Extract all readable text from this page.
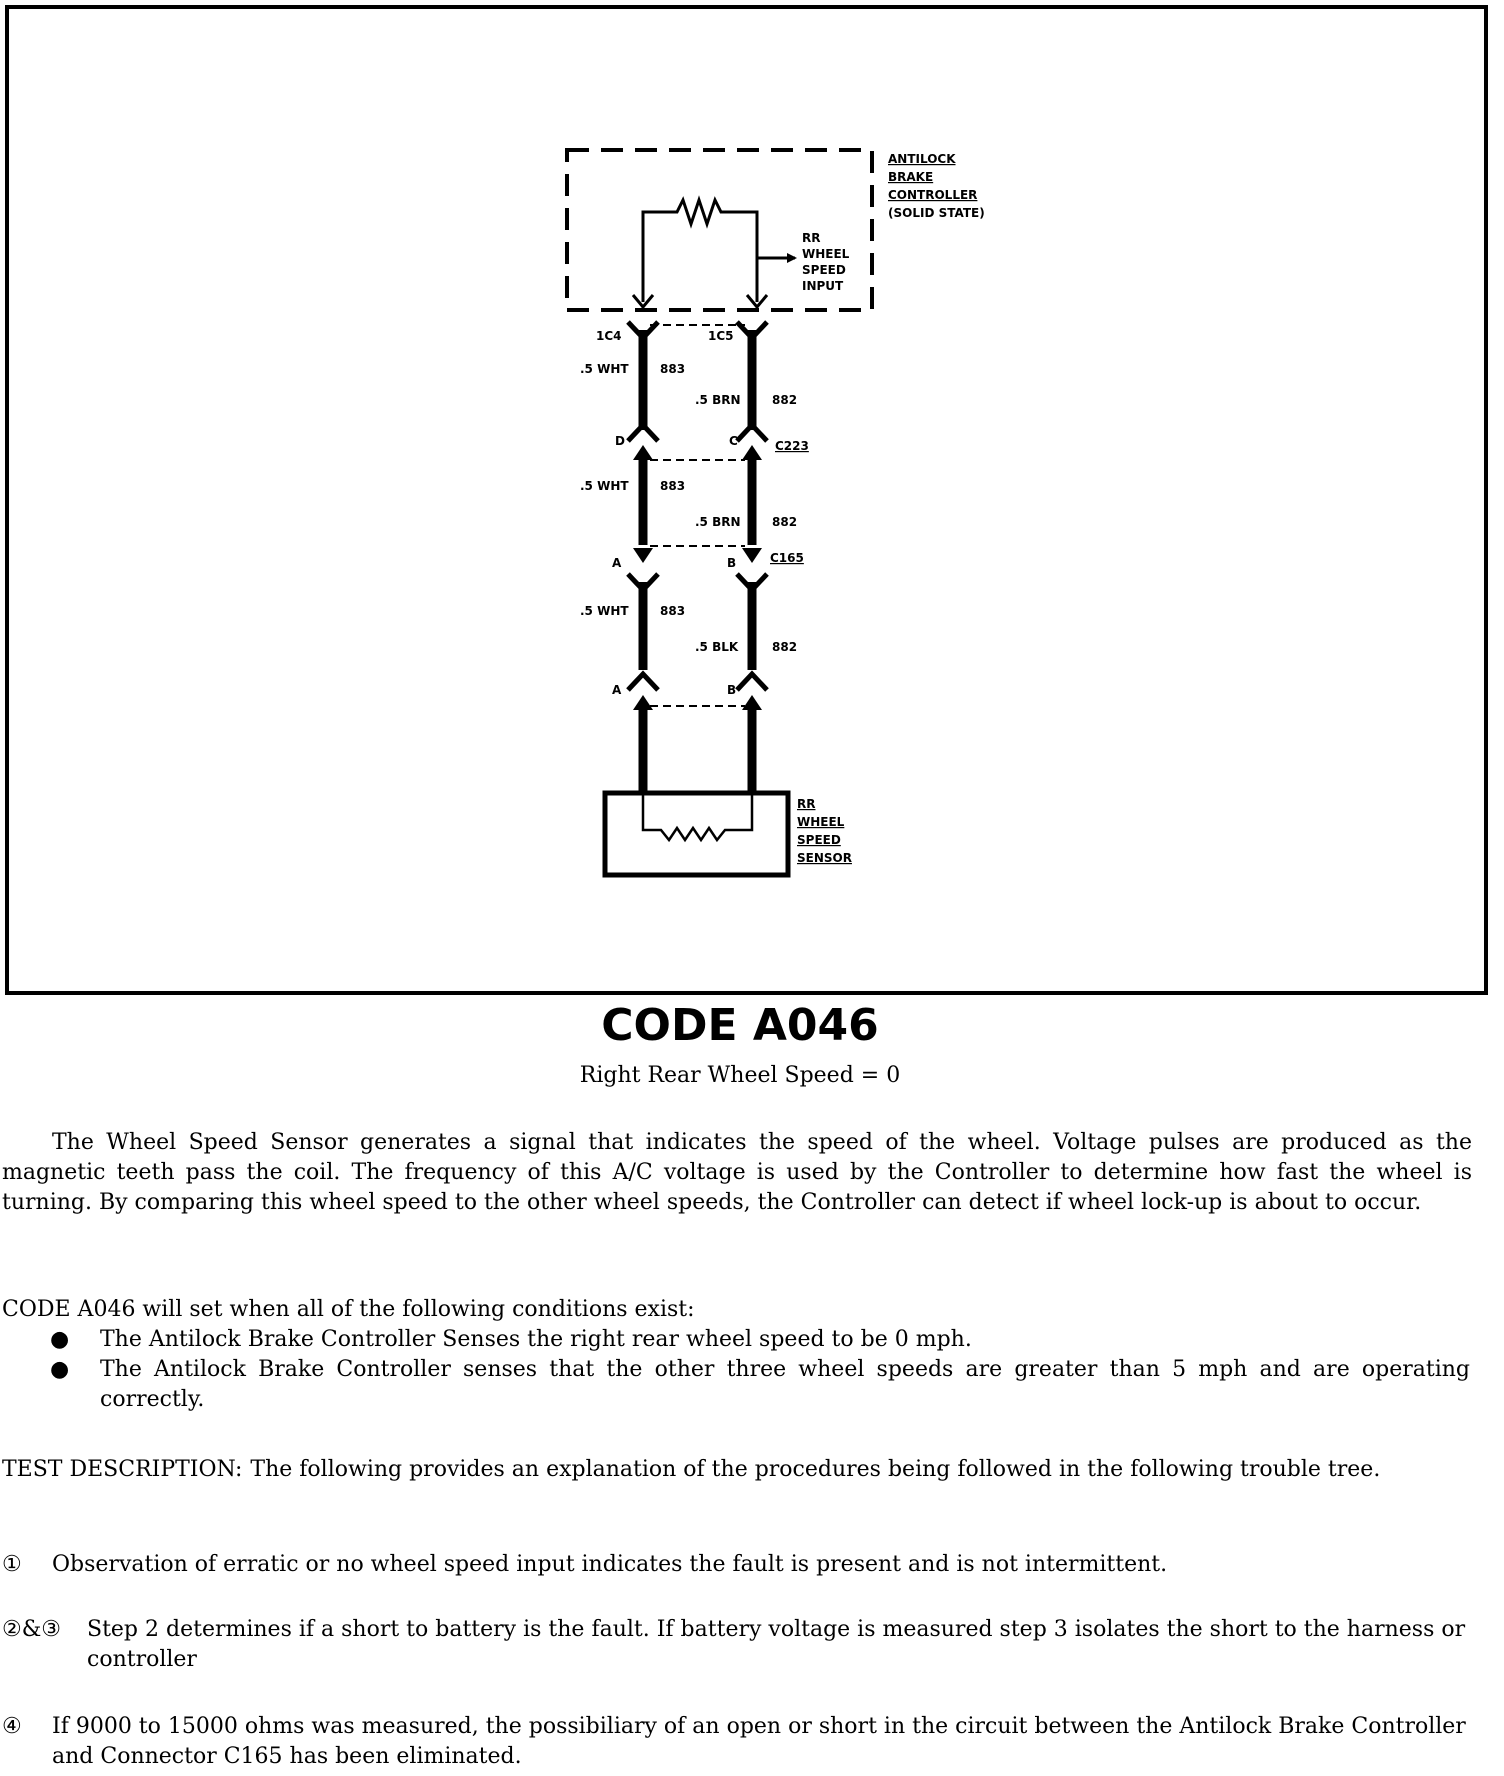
ANTILOCK
BRAKE
CONTROLLER
(SOLID STATE)
RR
WHEEL
SPEED
INPUT
1C4	1C5
.5 WHT	883
.5 BRN	882
D	C	C223
.5 WHT	883
.5 BRN	882
A	B	C165
.5 WHT	883
.5 BLK	882
A	B
RR
WHEEL
SPEED
SENSOR
CODE A046
Right Rear Wheel Speed = 0

The Wheel Speed Sensor generates a signal that indicates the speed of the wheel. Voltage pulses are produced as the magnetic teeth pass the coil. The frequency of this A/C voltage is used by the Controller to determine how fast the wheel is turning. By comparing this wheel speed to the other wheel speeds, the Controller can detect if wheel lock-up is about to occur.

CODE A046 will set when all of the following conditions exist:

● The Antilock Brake Controller Senses the right rear wheel speed to be 0 mph.
● The Antilock Brake Controller senses that the other three wheel speeds are greater than 5 mph and are operating correctly.
TEST DESCRIPTION: The following provides an explanation of the procedures being followed in the following trouble tree.
①	Observation of erratic or no wheel speed input indicates the fault is present and is not intermittent.
②&③	Step 2 determines if a short to battery is the fault. If battery voltage is measured step 3 isolates the short to the harness or controller
④	If 9000 to 15000 ohms was measured, the possibiliary of an open or short in the circuit between the Antilock Brake Controller and Connector C165 has been eliminated.
